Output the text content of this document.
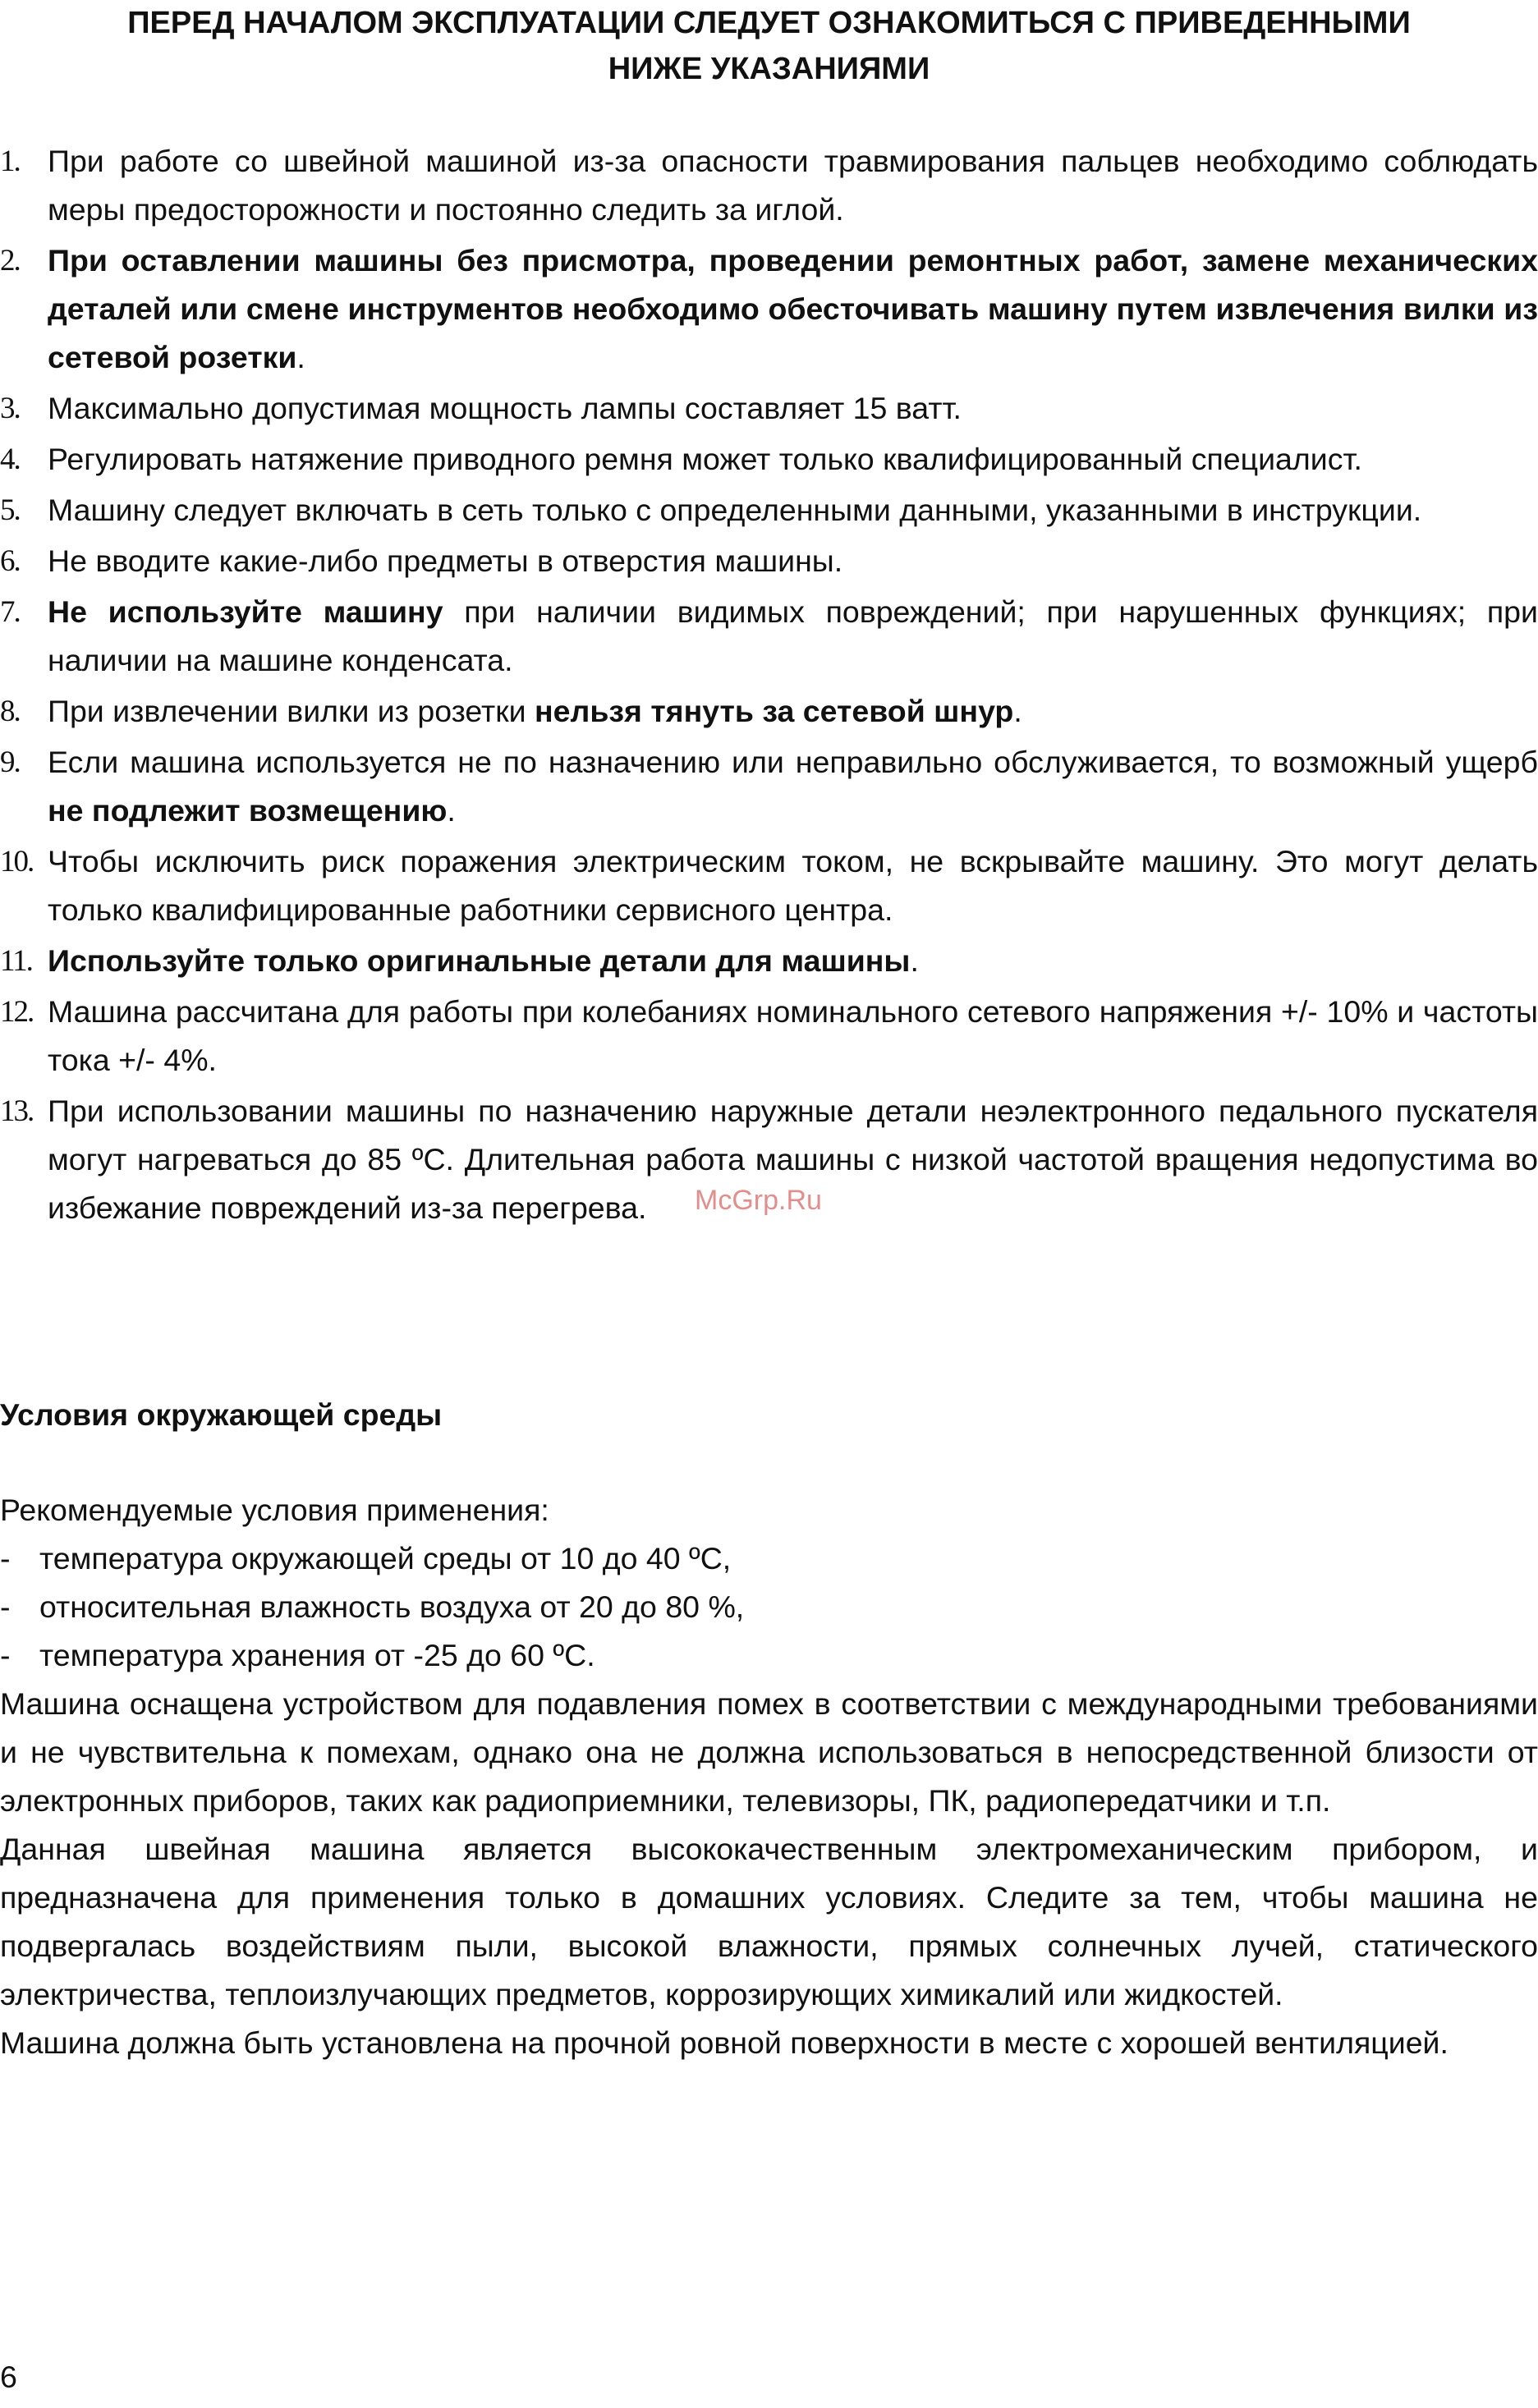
ПЕРЕД НАЧАЛОМ ЭКСПЛУАТАЦИИ СЛЕДУЕТ ОЗНАКОМИТЬСЯ С ПРИВЕДЕННЫМИ
НИЖЕ УКАЗАНИЯМИ
1. При работе со швейной машиной из-за опасности травмирования пальцев необходимо соблюдать меры предосторожности и постоянно следить за иглой.
2. При оставлении машины без присмотра, проведении ремонтных работ, замене механических деталей или смене инструментов необходимо обесточивать машину путем извлечения вилки из сетевой розетки.
3. Максимально допустимая мощность лампы составляет 15 ватт.
4. Регулировать натяжение приводного ремня может только квалифицированный специалист.
5. Машину следует включать в сеть только с определенными данными, указанными в инструкции.
6. Не вводите какие-либо предметы в отверстия машины.
7. Не используйте машину при наличии видимых повреждений; при нарушенных функциях; при наличии на машине конденсата.
8. При извлечении вилки из розетки нельзя тянуть за сетевой шнур.
9. Если машина используется не по назначению или неправильно обслуживается, то возможный ущерб не подлежит возмещению.
10. Чтобы исключить риск поражения электрическим током, не вскрывайте машину. Это могут делать только квалифицированные работники сервисного центра.
11. Используйте только оригинальные детали для машины.
12. Машина рассчитана для работы при колебаниях номинального сетевого напряжения +/- 10% и частоты тока +/- 4%.
13. При использовании машины по назначению наружные детали неэлектронного педального пускателя могут нагреваться до 85 ºС. Длительная работа машины с низкой частотой вращения недопустима во избежание повреждений из-за перегрева.	McGrp.Ru
Условия окружающей среды
Рекомендуемые условия применения:
- температура окружающей среды от 10 до 40 ºС,
- относительная влажность воздуха от 20 до 80 %,
- температура хранения от -25 до 60 ºС.

Машина оснащена устройством для подавления помех в соответствии с международными требованиями и не чувствительна к помехам, однако она не должна использоваться в непосредственной близости от электронных приборов, таких как радиоприемники, телевизоры, ПК, радиопередатчики и т.п.

Данная швейная машина является высококачественным электромеханическим прибором, и предназначена для применения только в домашних условиях. Следите за тем, чтобы машина не подвергалась воздействиям пыли, высокой влажности, прямых солнечных лучей, статического электричества, теплоизлучающих предметов, коррозирующих химикалий или жидкостей.

Машина должна быть установлена на прочной ровной поверхности в месте с хорошей вентиляцией.

6
